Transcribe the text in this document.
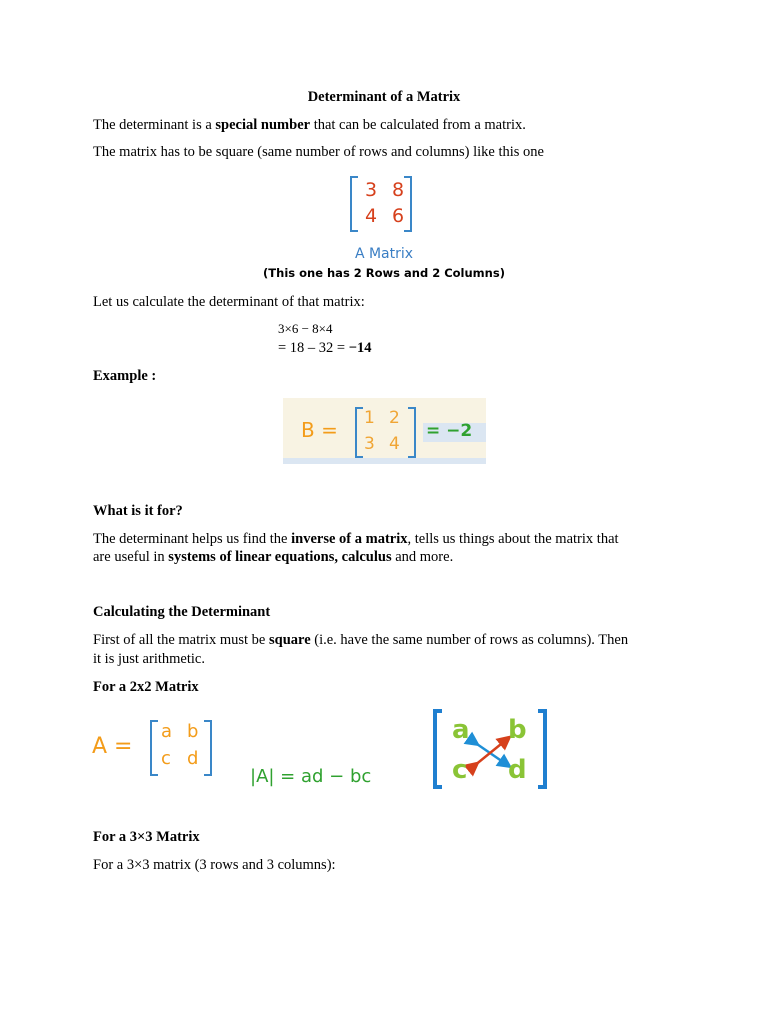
Determinant of a Matrix
The determinant is a special number that can be calculated from a matrix.
The matrix has to be square (same number of rows and columns) like this one
3 8
4 6
A Matrix
(This one has 2 Rows and 2 Columns)
Let us calculate the determinant of that matrix:
3×6 − 8×4
= 18 – 32 = −14
Example :
B = 1 2
3 4
= −2
What is it for?
The determinant helps us find the inverse of a matrix, tells us things about the matrix that
are useful in systems of linear equations, calculus and more.
Calculating the Determinant
First of all the matrix must be square (i.e. have the same number of rows as columns). Then
it is just arithmetic.
For a 2x2 Matrix
A =
a b
c d
|A| = ad − bc
a b
c d
For a 3×3 Matrix
For a 3×3 matrix (3 rows and 3 columns):
